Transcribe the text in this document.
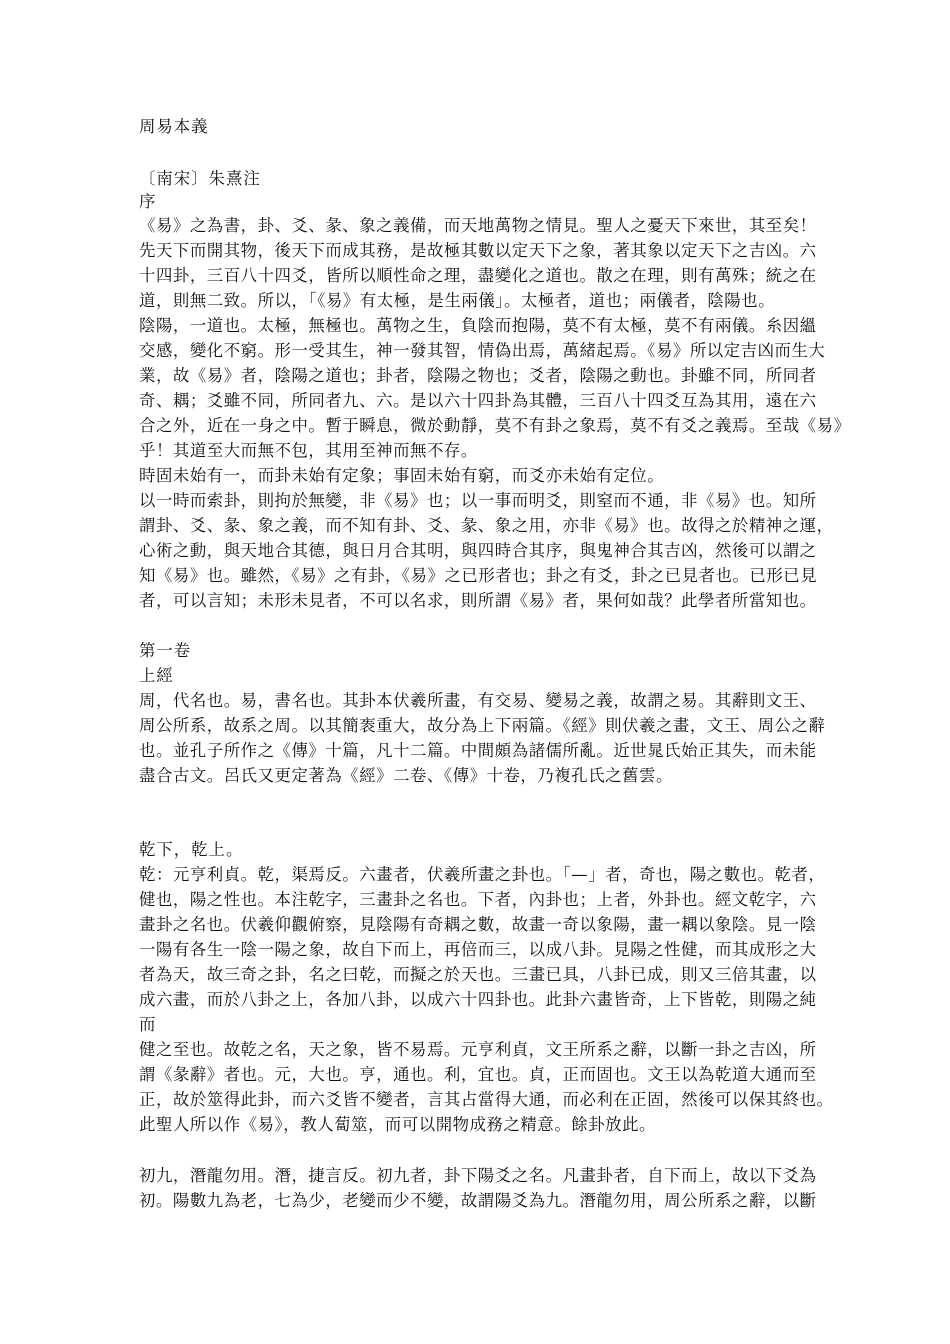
周易本義
〔南宋〕朱熹注
序
《易》之為書，卦、爻、彖、象之義備，而天地萬物之情見。聖人之憂天下來世，其至矣！
先天下而開其物，後天下而成其務，是故極其數以定天下之象，著其象以定天下之吉凶。六
十四卦，三百八十四爻，皆所以順性命之理，盡變化之道也。散之在理，則有萬殊；統之在
道，則無二致。所以，「《易》有太極，是生兩儀」。太極者，道也；兩儀者，陰陽也。
陰陽，一道也。太極，無極也。萬物之生，負陰而抱陽，莫不有太極，莫不有兩儀。糸因縕
交感，變化不窮。形一受其生，神一發其智，情偽出焉，萬緒起焉。《易》所以定吉凶而生大
業，故《易》者，陰陽之道也；卦者，陰陽之物也；爻者，陰陽之動也。卦雖不同，所同者
奇、耦；爻雖不同，所同者九、六。是以六十四卦為其體，三百八十四爻互為其用，遠在六
合之外，近在一身之中。暫于瞬息，微於動靜，莫不有卦之象焉，莫不有爻之義焉。至哉《易》
乎！其道至大而無不包，其用至神而無不存。
時固未始有一，而卦未始有定象；事固未始有窮，而爻亦未始有定位。
以一時而索卦，則拘於無變，非《易》也；以一事而明爻，則窒而不通，非《易》也。知所
謂卦、爻、彖、象之義，而不知有卦、爻、彖、象之用，亦非《易》也。故得之於精神之運，
心術之動，與天地合其德，與日月合其明，與四時合其序，與鬼神合其吉凶，然後可以謂之
知《易》也。雖然，《易》之有卦，《易》之已形者也；卦之有爻，卦之已見者也。已形已見
者，可以言知；未形未見者，不可以名求，則所謂《易》者，果何如哉？此學者所當知也。
第一卷
上經
周，代名也。易，書名也。其卦本伏羲所畫，有交易、變易之義，故謂之易。其辭則文王、
周公所系，故系之周。以其簡袠重大，故分為上下兩篇。《經》則伏羲之畫，文王、周公之辭
也。並孔子所作之《傳》十篇，凡十二篇。中間頗為諸儒所亂。近世晁氏始正其失，而未能
盡合古文。呂氏又更定著為《經》二卷、《傳》十卷，乃複孔氏之舊雲。
乾下，乾上。
乾：元亨利貞。乾，渠焉反。六畫者，伏羲所畫之卦也。「—」者，奇也，陽之數也。乾者，
健也，陽之性也。本注乾字，三畫卦之名也。下者，內卦也；上者，外卦也。經文乾字，六
畫卦之名也。伏羲仰觀俯察，見陰陽有奇耦之數，故畫一奇以象陽，畫一耦以象陰。見一陰
一陽有各生一陰一陽之象，故自下而上，再倍而三，以成八卦。見陽之性健，而其成形之大
者為天，故三奇之卦，名之曰乾，而擬之於天也。三畫已具，八卦已成，則又三倍其畫，以
成六畫，而於八卦之上，各加八卦，以成六十四卦也。此卦六畫皆奇，上下皆乾，則陽之純
而
健之至也。故乾之名，天之象，皆不易焉。元亨利貞，文王所系之辭，以斷一卦之吉凶，所
謂《彖辭》者也。元，大也。亨，通也。利，宜也。貞，正而固也。文王以為乾道大通而至
正，故於筮得此卦，而六爻皆不變者，言其占當得大通，而必利在正固，然後可以保其終也。
此聖人所以作《易》，教人蔔筮，而可以開物成務之精意。餘卦放此。
初九，潛龍勿用。潛，捷言反。初九者，卦下陽爻之名。凡畫卦者，自下而上，故以下爻為
初。陽數九為老，七為少，老變而少不變，故謂陽爻為九。潛龍勿用，周公所系之辭，以斷
